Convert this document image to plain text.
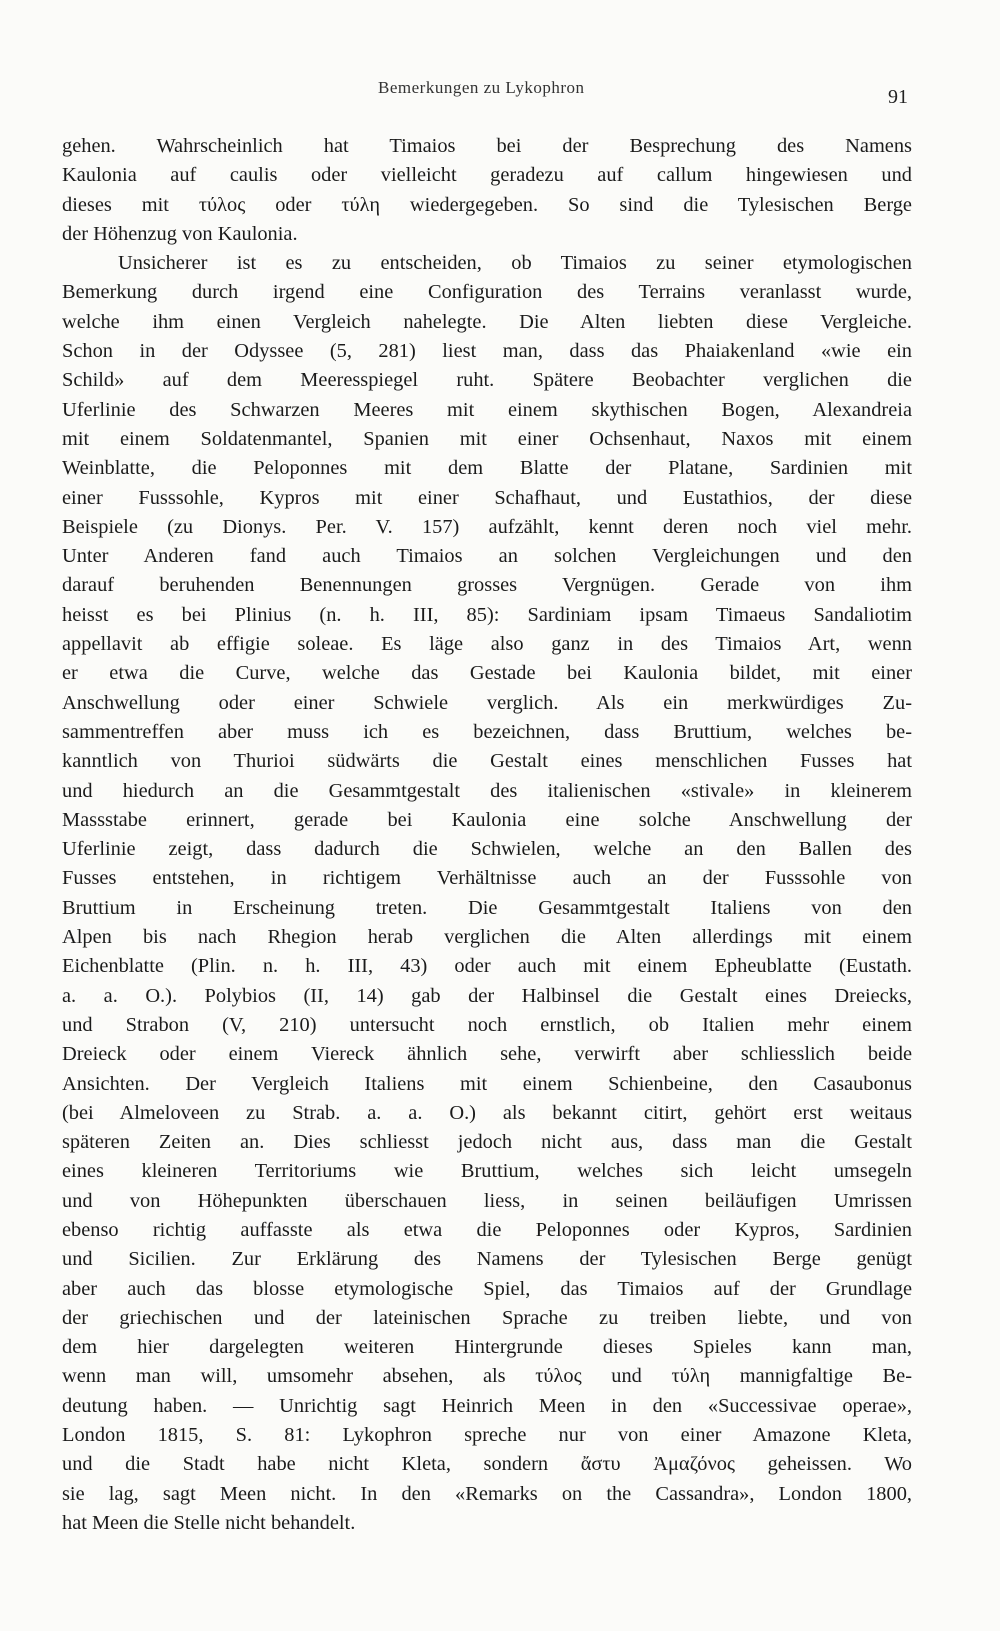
Bemerkungen zu Lykophron	91
gehen. Wahrscheinlich hat Timaios bei der Besprechung des Namens
Kaulonia auf caulis oder vielleicht geradezu auf callum hingewiesen und
dieses mit τύλος oder τύλη wiedergegeben. So sind die Tylesischen Berge
der Höhenzug von Kaulonia.
Unsicherer ist es zu entscheiden, ob Timaios zu seiner etymologischen
Bemerkung durch irgend eine Configuration des Terrains veranlasst wurde,
welche ihm einen Vergleich nahelegte. Die Alten liebten diese Vergleiche.
Schon in der Odyssee (5, 281) liest man, dass das Phaiakenland «wie ein
Schild» auf dem Meeresspiegel ruht. Spätere Beobachter verglichen die
Uferlinie des Schwarzen Meeres mit einem skythischen Bogen, Alexandreia
mit einem Soldatenmantel, Spanien mit einer Ochsenhaut, Naxos mit einem
Weinblatte, die Peloponnes mit dem Blatte der Platane, Sardinien mit
einer Fusssohle, Kypros mit einer Schafhaut, und Eustathios, der diese
Beispiele (zu Dionys. Per. V. 157) aufzählt, kennt deren noch viel mehr.
Unter Anderen fand auch Timaios an solchen Vergleichungen und den
darauf beruhenden Benennungen grosses Vergnügen. Gerade von ihm
heisst es bei Plinius (n. h. III, 85): Sardiniam ipsam Timaeus Sandaliotim
appellavit ab effigie soleae. Es läge also ganz in des Timaios Art, wenn
er etwa die Curve, welche das Gestade bei Kaulonia bildet, mit einer
Anschwellung oder einer Schwiele verglich. Als ein merkwürdiges Zu-
sammentreffen aber muss ich es bezeichnen, dass Bruttium, welches be-
kanntlich von Thurioi südwärts die Gestalt eines menschlichen Fusses hat
und hiedurch an die Gesammtgestalt des italienischen «stivale» in kleinerem
Massstabe erinnert, gerade bei Kaulonia eine solche Anschwellung der
Uferlinie zeigt, dass dadurch die Schwielen, welche an den Ballen des
Fusses entstehen, in richtigem Verhältnisse auch an der Fusssohle von
Bruttium in Erscheinung treten. Die Gesammtgestalt Italiens von den
Alpen bis nach Rhegion herab verglichen die Alten allerdings mit einem
Eichenblatte (Plin. n. h. III, 43) oder auch mit einem Epheublatte (Eustath.
a. a. O.). Polybios (II, 14) gab der Halbinsel die Gestalt eines Dreiecks,
und Strabon (V, 210) untersucht noch ernstlich, ob Italien mehr einem
Dreieck oder einem Viereck ähnlich sehe, verwirft aber schliesslich beide
Ansichten. Der Vergleich Italiens mit einem Schienbeine, den Casaubonus
(bei Almeloveen zu Strab. a. a. O.) als bekannt citirt, gehört erst weitaus
späteren Zeiten an. Dies schliesst jedoch nicht aus, dass man die Gestalt
eines kleineren Territoriums wie Bruttium, welches sich leicht umsegeln
und von Höhepunkten überschauen liess, in seinen beiläufigen Umrissen
ebenso richtig auffasste als etwa die Peloponnes oder Kypros, Sardinien
und Sicilien. Zur Erklärung des Namens der Tylesischen Berge genügt
aber auch das blosse etymologische Spiel, das Timaios auf der Grundlage
der griechischen und der lateinischen Sprache zu treiben liebte, und von
dem hier dargelegten weiteren Hintergrunde dieses Spieles kann man,
wenn man will, umsomehr absehen, als τύλος und τύλη mannigfaltige Be-
deutung haben. — Unrichtig sagt Heinrich Meen in den «Successivae operae»,
London 1815, S. 81: Lykophron spreche nur von einer Amazone Kleta,
und die Stadt habe nicht Kleta, sondern ἄστυ Ἀμαζόνος geheissen. Wo
sie lag, sagt Meen nicht. In den «Remarks on the Cassandra», London 1800,
hat Meen die Stelle nicht behandelt.
